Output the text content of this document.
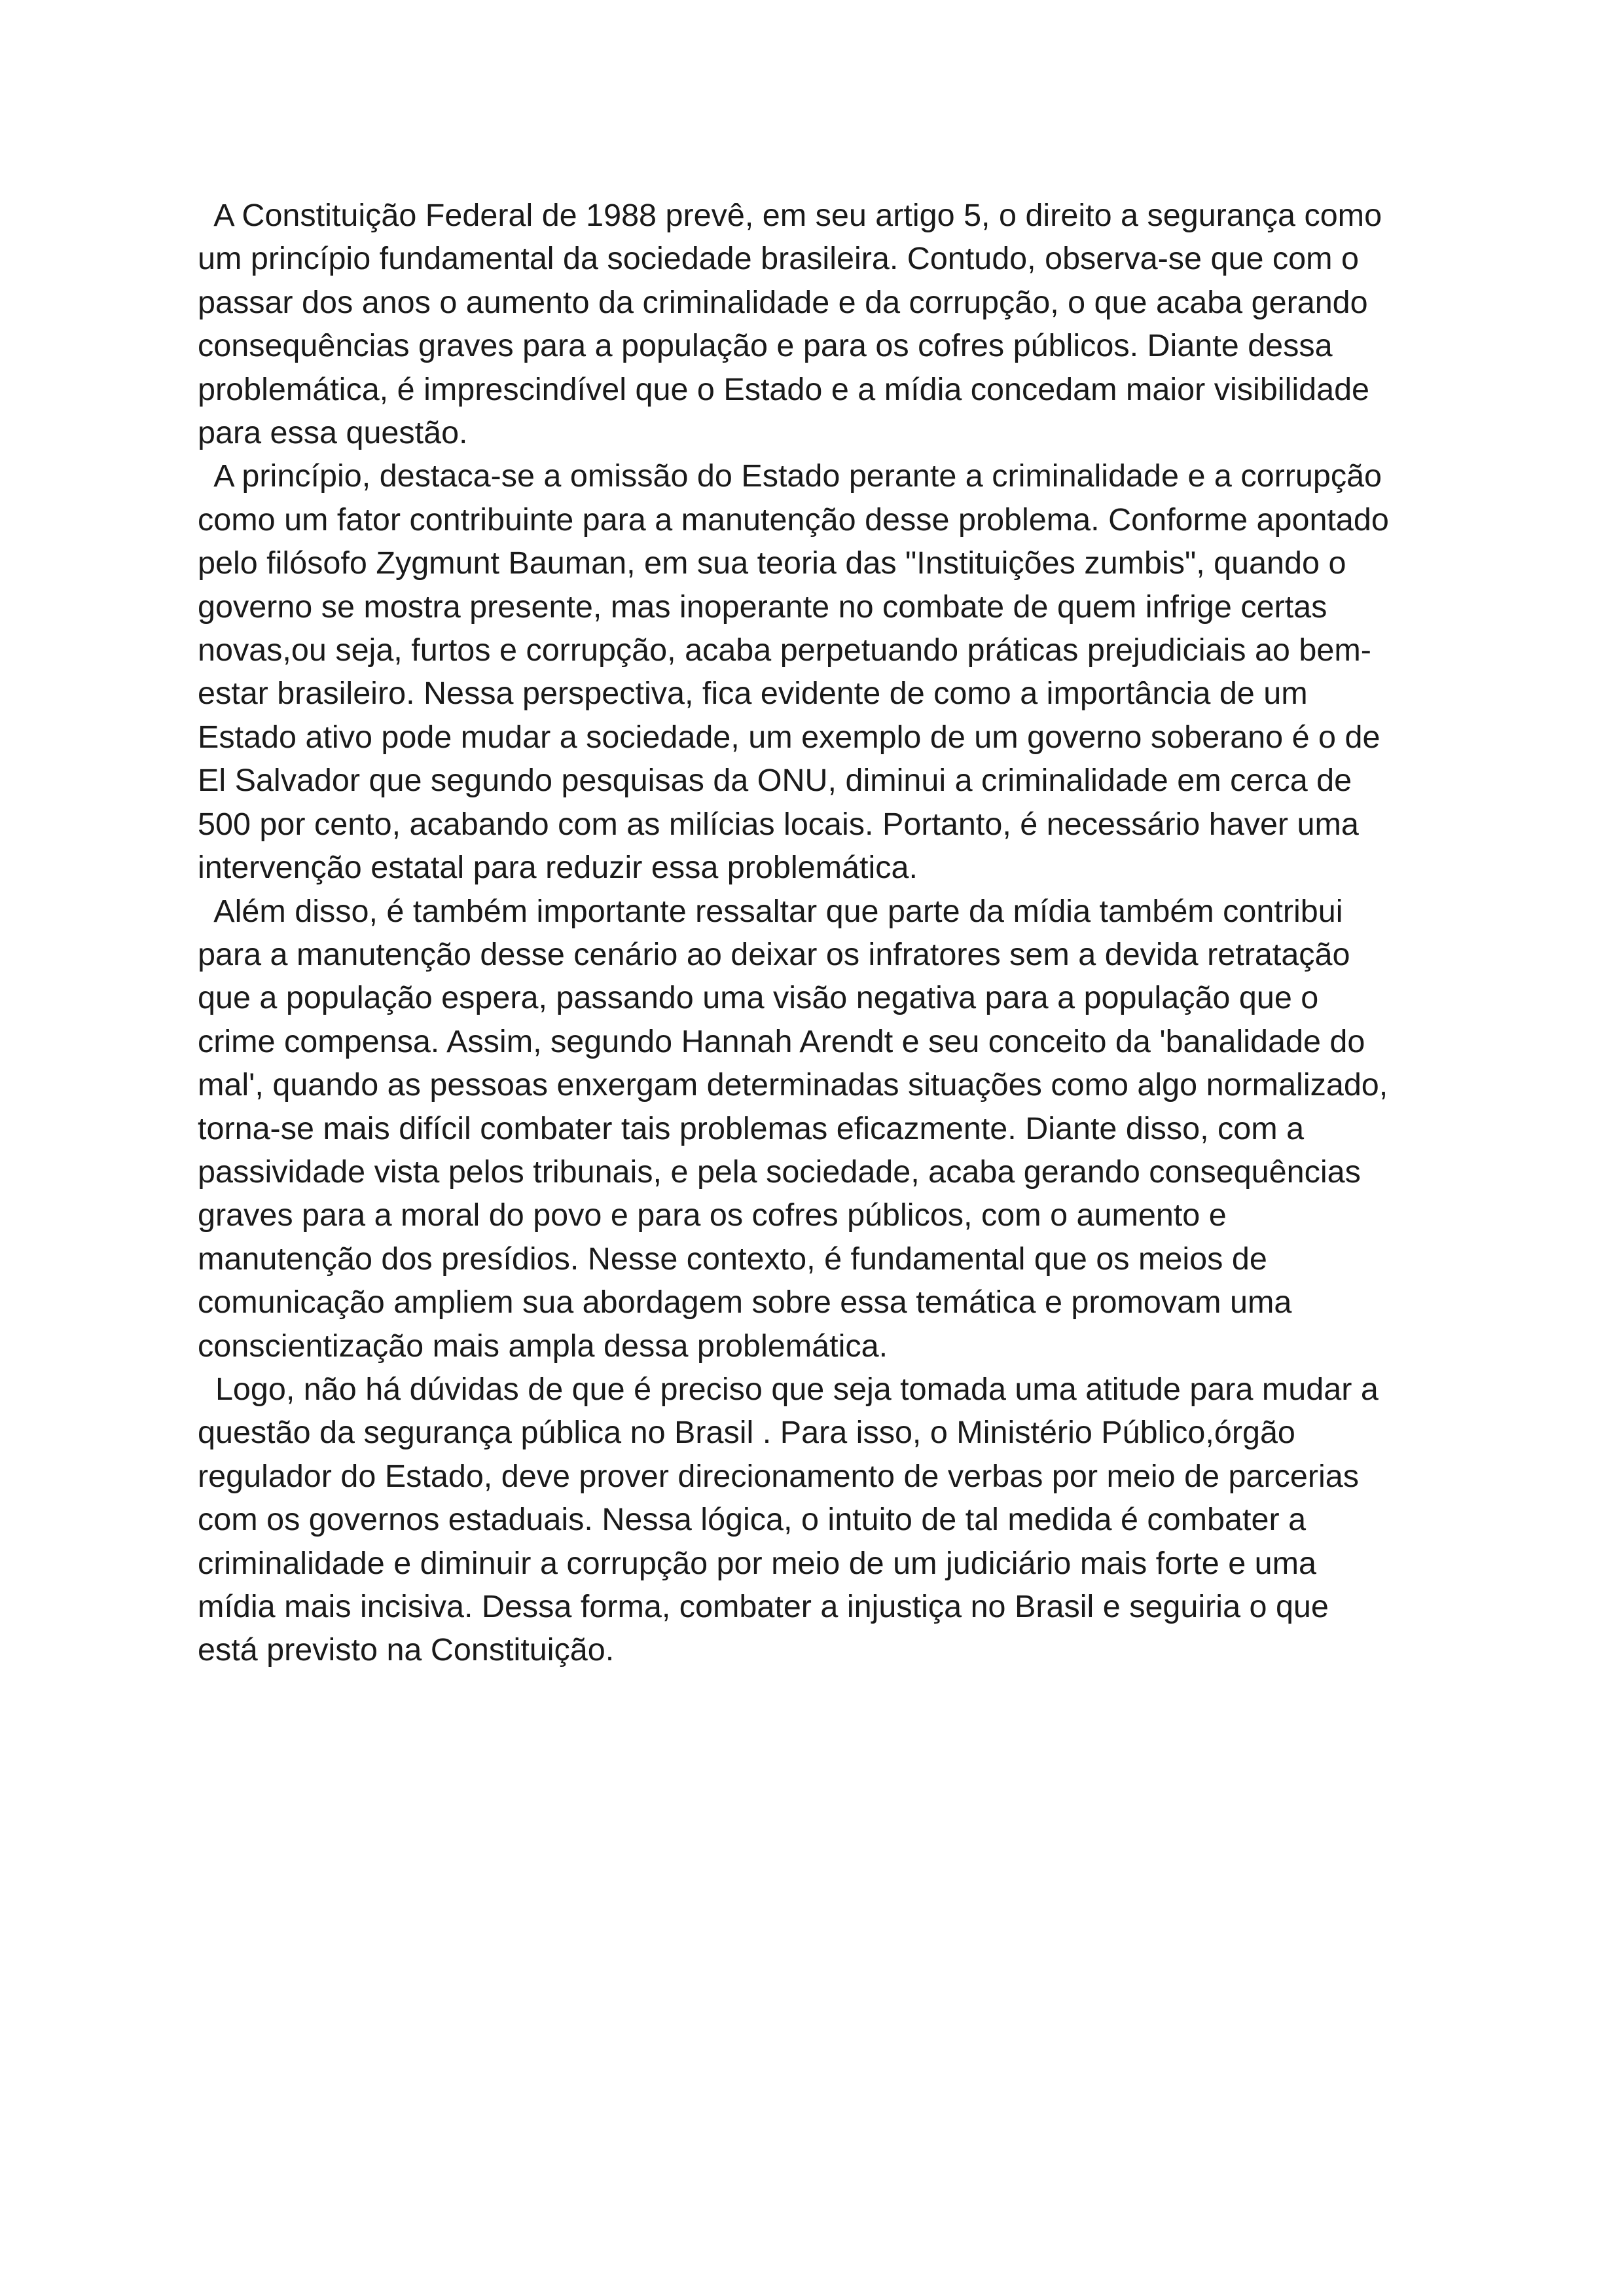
A Constituição Federal de 1988 prevê, em seu artigo 5, o direito a segurança como
um princípio fundamental da sociedade brasileira. Contudo, observa-se que com o
passar dos anos o aumento da criminalidade e da corrupção, o que acaba gerando
consequências graves para a população e para os cofres públicos. Diante dessa
problemática, é imprescindível que o Estado e a mídia concedam maior visibilidade
para essa questão.

A princípio, destaca-se a omissão do Estado perante a criminalidade e a corrupção
como um fator contribuinte para a manutenção desse problema. Conforme apontado
pelo filósofo Zygmunt Bauman, em sua teoria das "Instituições zumbis", quando o
governo se mostra presente, mas inoperante no combate de quem infrige certas
novas,ou seja, furtos e corrupção, acaba perpetuando práticas prejudiciais ao bem-
estar brasileiro. Nessa perspectiva, fica evidente de como a importância de um
Estado ativo pode mudar a sociedade, um exemplo de um governo soberano é o de
El Salvador que segundo pesquisas da ONU, diminui a criminalidade em cerca de
500 por cento, acabando com as milícias locais. Portanto, é necessário haver uma
intervenção estatal para reduzir essa problemática.

Além disso, é também importante ressaltar que parte da mídia também contribui
para a manutenção desse cenário ao deixar os infratores sem a devida retratação
que a população espera, passando uma visão negativa para a população que o
crime compensa. Assim, segundo Hannah Arendt e seu conceito da 'banalidade do
mal', quando as pessoas enxergam determinadas situações como algo normalizado,
torna-se mais difícil combater tais problemas eficazmente. Diante disso, com a
passividade vista pelos tribunais, e pela sociedade, acaba gerando consequências
graves para a moral do povo e para os cofres públicos, com o aumento e
manutenção dos presídios. Nesse contexto, é fundamental que os meios de
comunicação ampliem sua abordagem sobre essa temática e promovam uma
conscientização mais ampla dessa problemática.

Logo, não há dúvidas de que é preciso que seja tomada uma atitude para mudar a
questão da segurança pública no Brasil . Para isso, o Ministério Público,órgão
regulador do Estado, deve prover direcionamento de verbas por meio de parcerias
com os governos estaduais. Nessa lógica, o intuito de tal medida é combater a
criminalidade e diminuir a corrupção por meio de um judiciário mais forte e uma
mídia mais incisiva. Dessa forma, combater a injustiça no Brasil e seguiria o que
está previsto na Constituição.
